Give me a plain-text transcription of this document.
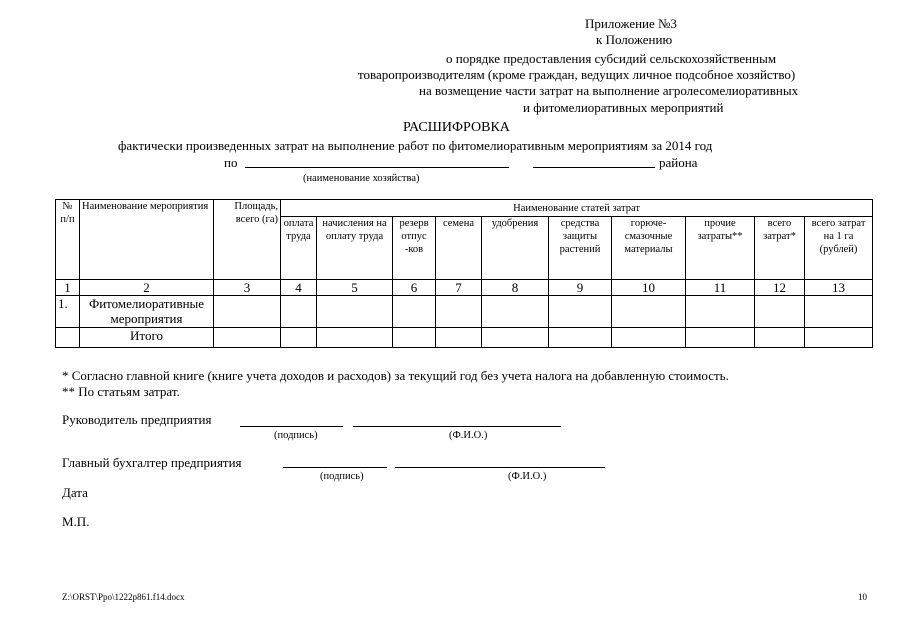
Приложение №3
к Положению
о порядке предоставления субсидий сельскохозяйственным
товаропроизводителям (кроме граждан, ведущих личное подсобное хозяйство)
на возмещение части затрат на выполнение агролесомелиоративных
и фитомелиоративных мероприятий
РАСШИФРОВКА
фактически произведенных затрат на выполнение работ по фитомелиоративным мероприятиям за 2014 год
по	района
(наименование хозяйства)
№ п/п	Наименование мероприятия	Площадь, всего (га)	Наименование статей затрат									
			оплата труда	начисления на оплату труда	резерв отпус -ков	семена	удобрения	средства защиты растений	горюче-смазочные материалы	прочие затраты**	всего затрат*	всего затрат на 1 га (рублей)
1	2	3	4	5	6	7	8	9	10	11	12	13
1.	Фитомелиоративные мероприятия											
	Итого											
* Согласно главной книге (книге учета доходов и расходов) за текущий год без учета налога на добавленную стоимость.
** По статьям затрат.
Руководитель предприятия
(подпись)	(Ф.И.О.)
Главный бухгалтер предприятия
(подпись)	(Ф.И.О.)
Дата
М.П.
Z:\ORST\Ppo\1222p861.f14.docx	10
